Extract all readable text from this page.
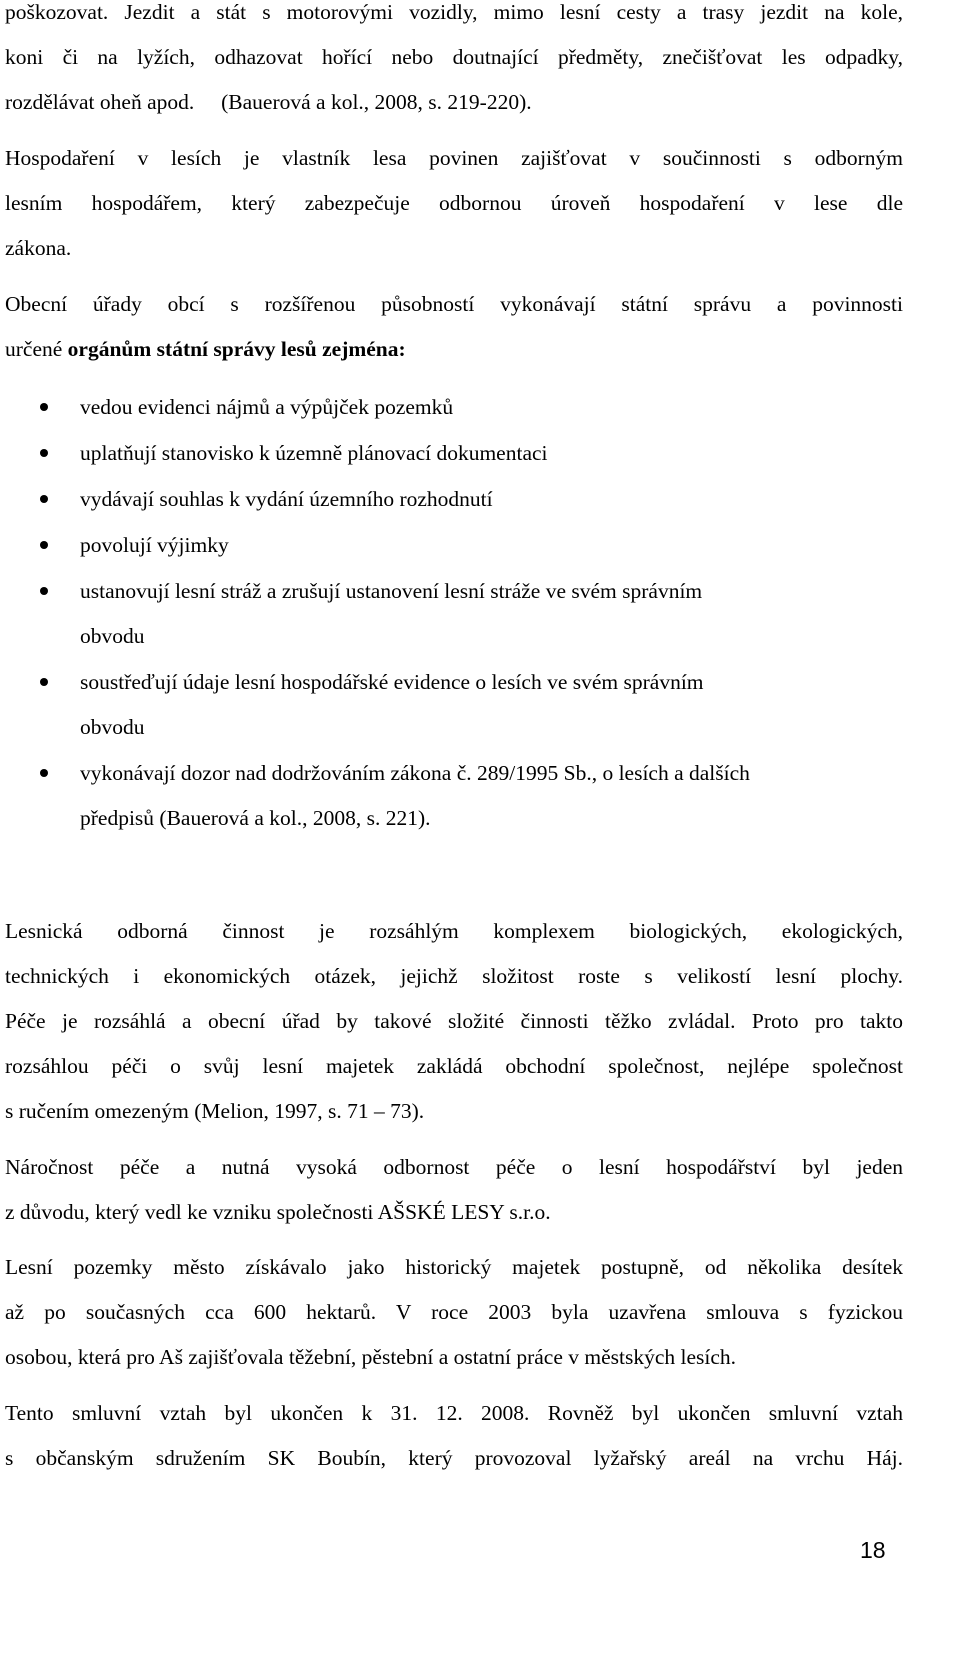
poškozovat. Jezdit a stát s motorovými vozidly, mimo lesní cesty a trasy jezdit na kole,
koni či na lyžích, odhazovat hořící nebo doutnající předměty, znečišťovat les odpadky,
rozdělávat oheň apod.     (Bauerová a kol., 2008, s. 219-220).
Hospodaření v lesích je vlastník lesa povinen zajišťovat v součinnosti s odborným
lesním hospodářem, který zabezpečuje odbornou úroveň hospodaření v lese dle
zákona.
Obecní úřady obcí s rozšířenou působností vykonávají státní správu a povinnosti
určené orgánům státní správy lesů zejména:
vedou evidenci nájmů a výpůjček pozemků
uplatňují stanovisko k územně plánovací dokumentaci
vydávají souhlas k vydání územního rozhodnutí
povolují výjimky
ustanovují lesní stráž a zrušují ustanovení lesní stráže ve svém správním
obvodu
soustřeďují údaje lesní hospodářské evidence o lesích ve svém správním
obvodu
vykonávají dozor nad dodržováním zákona č. 289/1995 Sb., o lesích a dalších
předpisů (Bauerová a kol., 2008, s. 221).
Lesnická odborná činnost je rozsáhlým komplexem biologických, ekologických,
technických i ekonomických otázek, jejichž složitost roste s velikostí lesní plochy.
Péče je rozsáhlá a obecní úřad by takové složité činnosti těžko zvládal. Proto pro takto
rozsáhlou péči o svůj lesní majetek zakládá obchodní společnost, nejlépe společnost
s ručením omezeným (Melion, 1997, s. 71 – 73).
Náročnost péče a nutná vysoká odbornost péče o lesní hospodářství byl jeden
z důvodu, který vedl ke vzniku společnosti AŠSKÉ LESY s.r.o.
Lesní pozemky město získávalo jako historický majetek postupně, od několika desítek
až po současných cca 600 hektarů. V roce 2003 byla uzavřena smlouva s fyzickou
osobou, která pro Aš zajišťovala těžební, pěstební a ostatní práce v městských lesích.
Tento smluvní vztah byl ukončen k 31. 12. 2008. Rovněž byl ukončen smluvní vztah
s občanským sdružením SK Boubín, který provozoval lyžařský areál na vrchu Háj.
18
